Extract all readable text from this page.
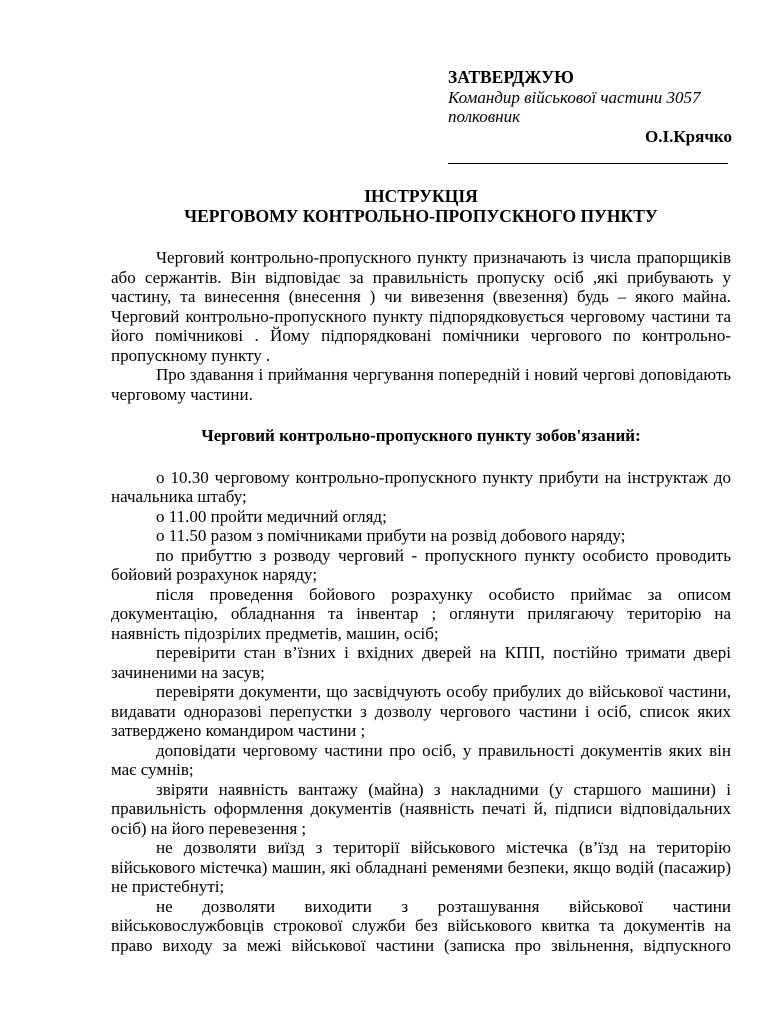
ЗАТВЕРДЖУЮ
Командир військової частини 3057
полковник
О.І.Крячко
ІНСТРУКЦІЯ
ЧЕРГОВОМУ КОНТРОЛЬНО-ПРОПУСКНОГО ПУНКТУ

Черговий контрольно-пропускного пункту призначають із числа прапорщиків або сержантів. Він відповідає за правильність пропуску осіб ,які прибувають у частину, та винесення (внесення ) чи вивезення (ввезення) будь – якого майна. Черговий контрольно-пропускного пункту підпорядковується черговому частини та його помічникові . Йому підпорядковані помічники чергового по контрольно-пропускному пункту .

Про здавання і приймання чергування попередній і новий чергові доповідають черговому частини.

Черговий контрольно-пропускного пункту зобов'язаний:

о 10.30 черговому контрольно-пропускного пункту прибути на інструктаж до начальника штабу;

о 11.00 пройти медичний огляд;

о 11.50 разом з помічниками прибути на розвід добового наряду;

по прибуттю з розводу черговий - пропускного пункту особисто проводить бойовий розрахунок наряду;

після проведення бойового розрахунку особисто приймає за описом документацію, обладнання та інвентар ; оглянути прилягаючу територію на наявність підозрілих предметів, машин, осіб;

перевірити стан в’їзних і вхідних дверей на КПП, постійно тримати двері зачиненими на засув;

перевіряти документи, що засвідчують особу прибулих до військової частини, видавати одноразові перепустки з дозволу чергового частини і осіб, список яких затверджено командиром частини ;

доповідати черговому частини про осіб, у правильності документів яких він має сумнів;

звіряти наявність вантажу (майна) з накладними (у старшого машини) і правильність оформлення документів (наявність печаті й, підписи відповідальних осіб) на його перевезення ;

не дозволяти виїзд з території військового містечка (в’їзд на територію військового містечка) машин, які обладнані ременями безпеки, якщо водій (пасажир) не пристебнуті;

не дозволяти виходити з розташування військової частини військовослужбовців строкової служби без військового квитка та документів на право виходу за межі військової частини (записка про звільнення, відпускного
